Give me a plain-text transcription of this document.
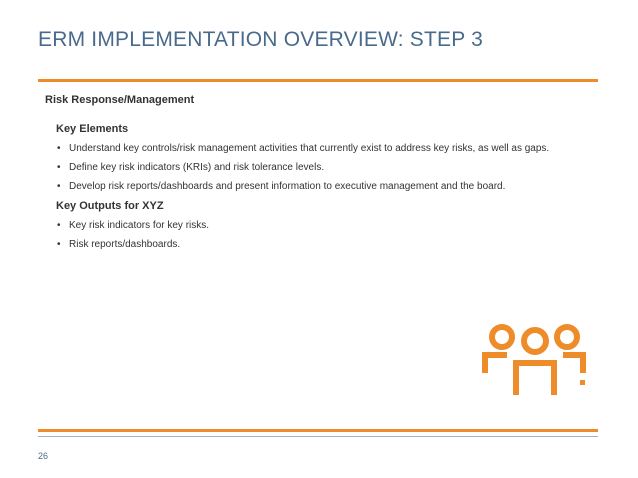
ERM IMPLEMENTATION OVERVIEW: STEP 3
Risk Response/Management
Key Elements
• Understand key controls/risk management activities that currently exist to address key risks, as well as gaps.
• Define key risk indicators (KRIs) and risk tolerance levels.
• Develop risk reports/dashboards and present information to executive management and the board.
Key Outputs for XYZ
• Key risk indicators for key risks.
• Risk reports/dashboards.
26
